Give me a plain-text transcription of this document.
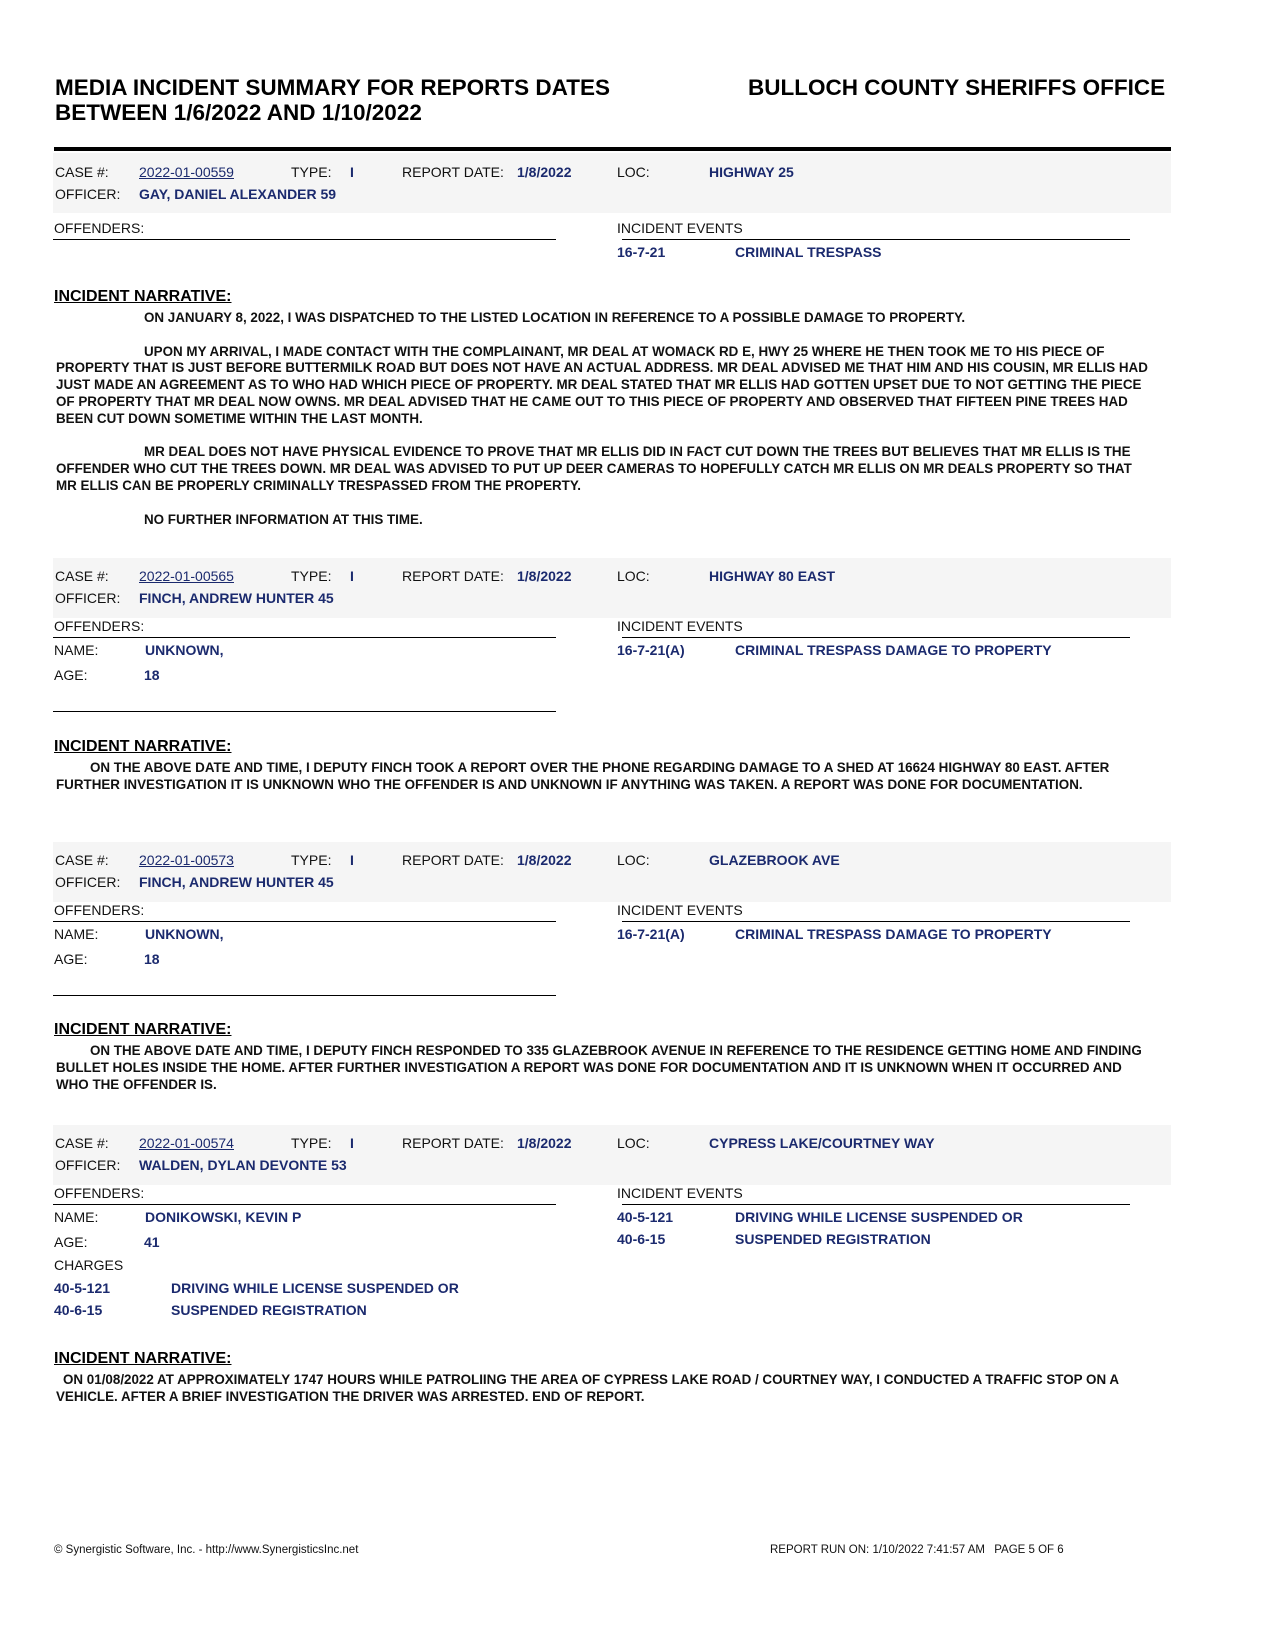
MEDIA INCIDENT SUMMARY FOR REPORTS DATES
BETWEEN 1/6/2022 AND 1/10/2022
BULLOCH COUNTY SHERIFFS OFFICE
CASE #: 2022-01-00559	TYPE: I	REPORT DATE: 1/8/2022	LOC:	HIGHWAY 25
OFFICER: GAY, DANIEL ALEXANDER 59
OFFENDERS:	INCIDENT EVENTS
16-7-21	CRIMINAL TRESPASS
INCIDENT NARRATIVE:

ON JANUARY 8, 2022, I WAS DISPATCHED TO THE LISTED LOCATION IN REFERENCE TO A POSSIBLE DAMAGE TO PROPERTY.

UPON MY ARRIVAL, I MADE CONTACT WITH THE COMPLAINANT, MR DEAL AT WOMACK RD E, HWY 25 WHERE HE THEN TOOK ME TO HIS PIECE OF PROPERTY THAT IS JUST BEFORE BUTTERMILK ROAD BUT DOES NOT HAVE AN ACTUAL ADDRESS. MR DEAL ADVISED ME THAT HIM AND HIS COUSIN, MR ELLIS HAD JUST MADE AN AGREEMENT AS TO WHO HAD WHICH PIECE OF PROPERTY. MR DEAL STATED THAT MR ELLIS HAD GOTTEN UPSET DUE TO NOT GETTING THE PIECE OF PROPERTY THAT MR DEAL NOW OWNS. MR DEAL ADVISED THAT HE CAME OUT TO THIS PIECE OF PROPERTY AND OBSERVED THAT FIFTEEN PINE TREES HAD BEEN CUT DOWN SOMETIME WITHIN THE LAST MONTH.

MR DEAL DOES NOT HAVE PHYSICAL EVIDENCE TO PROVE THAT MR ELLIS DID IN FACT CUT DOWN THE TREES BUT BELIEVES THAT MR ELLIS IS THE OFFENDER WHO CUT THE TREES DOWN. MR DEAL WAS ADVISED TO PUT UP DEER CAMERAS TO HOPEFULLY CATCH MR ELLIS ON MR DEALS PROPERTY SO THAT MR ELLIS CAN BE PROPERLY CRIMINALLY TRESPASSED FROM THE PROPERTY.

NO FURTHER INFORMATION AT THIS TIME.

CASE #: 2022-01-00565	TYPE: I	REPORT DATE: 1/8/2022	LOC:	HIGHWAY 80 EAST
OFFICER: FINCH, ANDREW HUNTER 45
OFFENDERS:
NAME:	UNKNOWN,
AGE:	18
INCIDENT EVENTS
16-7-21(A)	CRIMINAL TRESPASS DAMAGE TO PROPERTY
INCIDENT NARRATIVE:

ON THE ABOVE DATE AND TIME, I DEPUTY FINCH TOOK A REPORT OVER THE PHONE REGARDING DAMAGE TO A SHED AT 16624 HIGHWAY 80 EAST. AFTER FURTHER INVESTIGATION IT IS UNKNOWN WHO THE OFFENDER IS AND UNKNOWN IF ANYTHING WAS TAKEN. A REPORT WAS DONE FOR DOCUMENTATION.

CASE #: 2022-01-00573	TYPE: I	REPORT DATE: 1/8/2022	LOC:	GLAZEBROOK AVE
OFFICER: FINCH, ANDREW HUNTER 45
OFFENDERS:
NAME:	UNKNOWN,
AGE:	18
INCIDENT EVENTS
16-7-21(A)	CRIMINAL TRESPASS DAMAGE TO PROPERTY
INCIDENT NARRATIVE:

ON THE ABOVE DATE AND TIME, I DEPUTY FINCH RESPONDED TO 335 GLAZEBROOK AVENUE IN REFERENCE TO THE RESIDENCE GETTING HOME AND FINDING BULLET HOLES INSIDE THE HOME. AFTER FURTHER INVESTIGATION A REPORT WAS DONE FOR DOCUMENTATION AND IT IS UNKNOWN WHEN IT OCCURRED AND WHO THE OFFENDER IS.

CASE #: 2022-01-00574	TYPE: I	REPORT DATE: 1/8/2022	LOC:	CYPRESS LAKE/COURTNEY WAY
OFFICER: WALDEN, DYLAN DEVONTE 53
OFFENDERS:
NAME:	DONIKOWSKI, KEVIN P
AGE:	41
CHARGES
40-5-121	DRIVING WHILE LICENSE SUSPENDED OR
40-6-15	SUSPENDED REGISTRATION
INCIDENT EVENTS
40-5-121	DRIVING WHILE LICENSE SUSPENDED OR
40-6-15	SUSPENDED REGISTRATION
INCIDENT NARRATIVE:

ON 01/08/2022 AT APPROXIMATELY 1747 HOURS WHILE PATROLIING THE AREA OF CYPRESS LAKE ROAD / COURTNEY WAY, I CONDUCTED A TRAFFIC STOP ON A VEHICLE. AFTER A BRIEF INVESTIGATION THE DRIVER WAS ARRESTED. END OF REPORT.

© Synergistic Software, Inc. - http://www.SynergisticsInc.net	REPORT RUN ON: 1/10/2022 7:41:57 AM PAGE 5 OF 6
